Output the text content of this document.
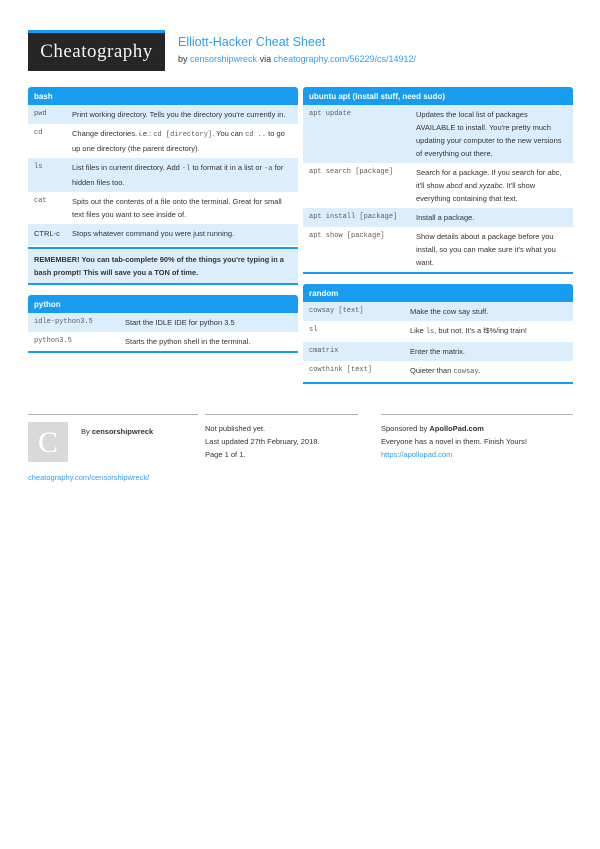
Cheatography Elliott-Hacker Cheat Sheet
by censorshipwreck via cheatography.com/56229/cs/14912/
bash
pwd	Print working directory. Tells you the directory you're currently in.
cd	Change directories. i.e.: cd [directory]. You can cd .. to go up one directory (the parent directory).
ls	List files in current directory. Add -l to format it in a list or -a for hidden files too.
cat	Spits out the contents of a file onto the terminal. Great for small text files you want to see inside of.
CTRL-c	Stops whatever command you were just running.
REMEMBER! You can tab-complete 90% of the things you're typing in a bash prompt! This will save you a TON of time.
python
idle-python3.5	Start the IDLE IDE for python 3.5
python3.5	Starts the python shell in the terminal.
ubuntu apt (install stuff, need sudo)
apt update	Updates the local list of packages AVAILABLE to install. You're pretty much updating your computer to the new versions of everything out there.
apt search [package]	Search for a package. If you search for abc, it'll show abcd and xyzabc. It'll show everything containing that text.
apt install [package]	Install a package.
apt show [package]	Show details about a package before you install, so you can make sure it's what you want.
random
cowsay [text]	Make the cow say stuff.
sl	Like ls, but not. It's a f$%/ing train!
cmatrix	Enter the matrix.
cowthink [text]	Quieter than cowsay.
C	By censorshipwreck
cheatography.com/censorshipwreck/
Not published yet.
Last updated 27th February, 2018.
Page 1 of 1.
Sponsored by ApolloPad.com
Everyone has a novel in them. Finish Yours!
https://apollopad.com
